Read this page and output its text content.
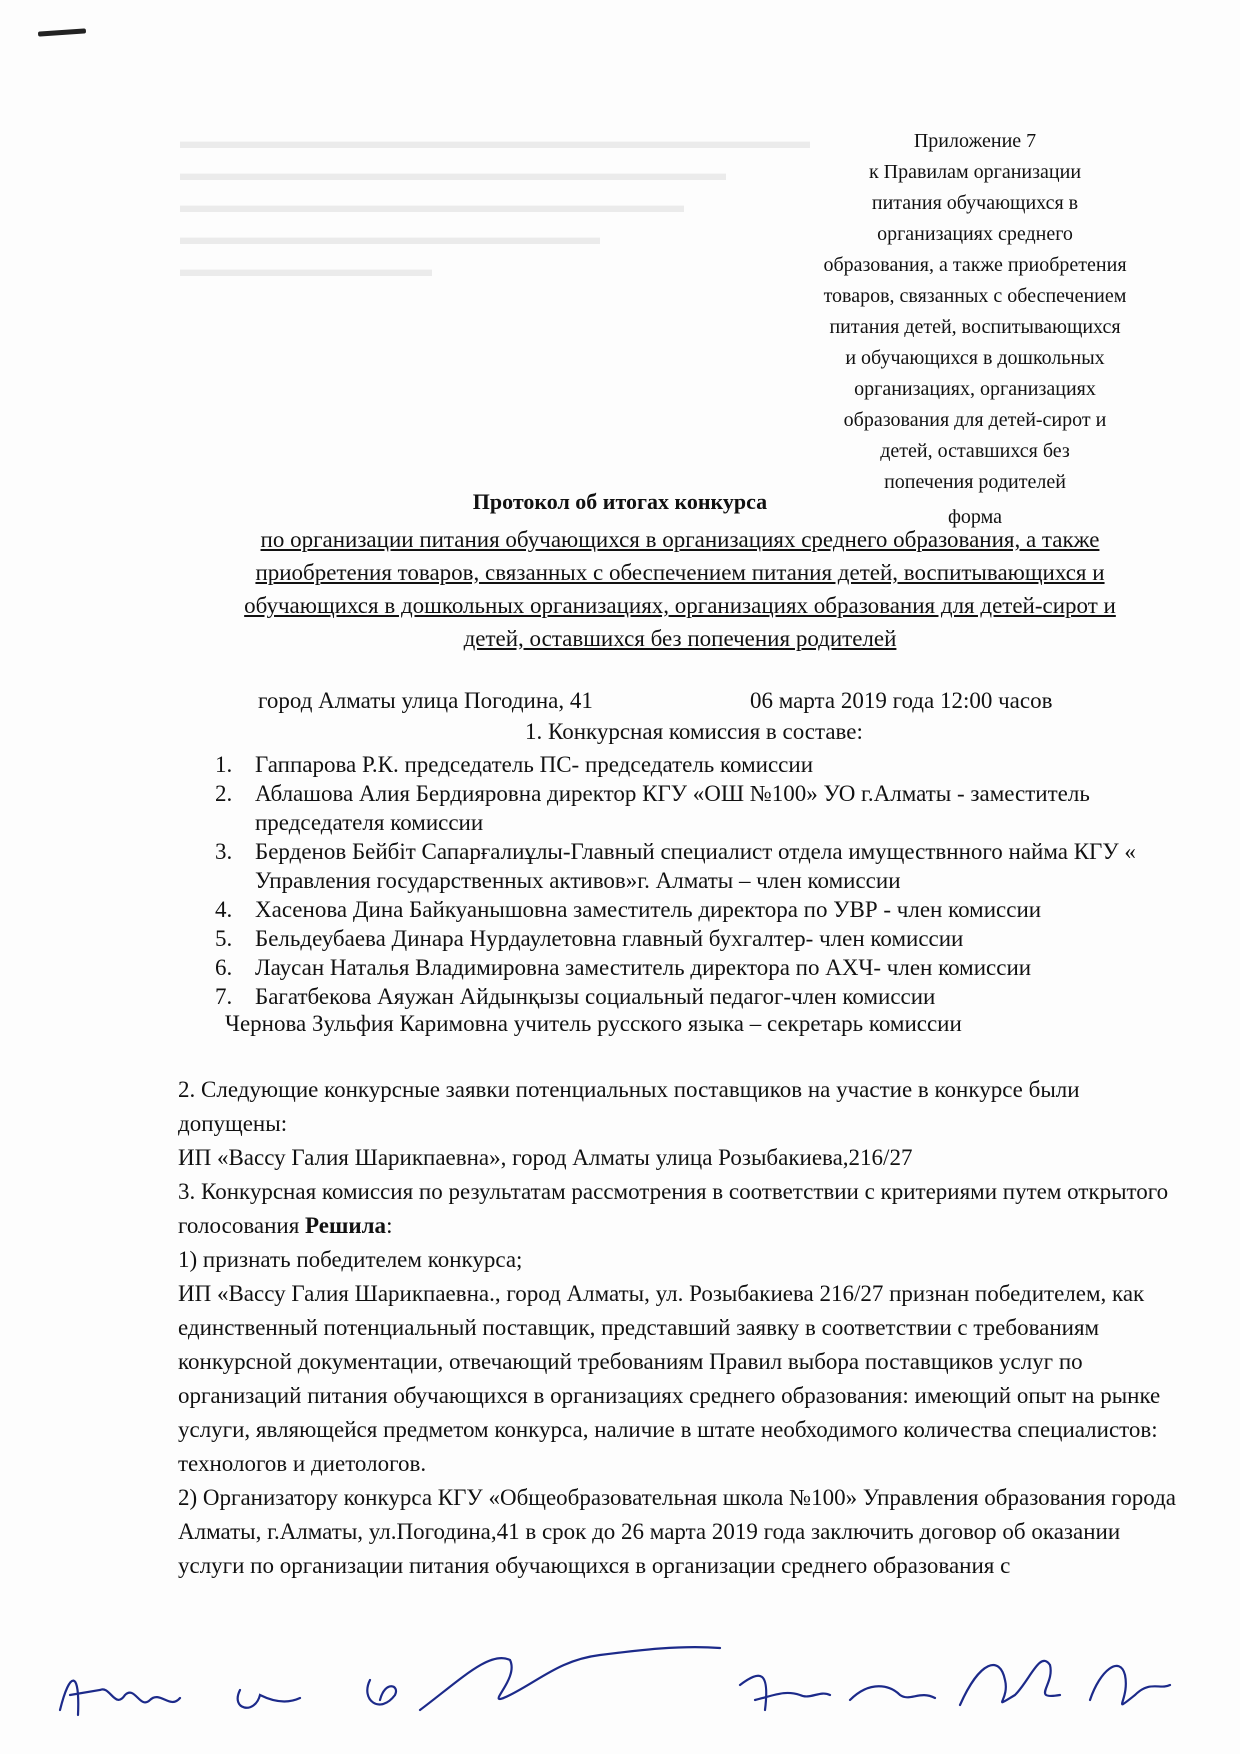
▬▬▬▬▬▬▬▬▬▬▬▬▬▬▬▬▬▬▬▬▬▬▬▬▬▬▬▬▬▬
▬▬▬▬▬▬▬▬▬▬▬▬▬▬▬▬▬▬▬▬▬▬▬▬▬▬
▬▬▬▬▬▬▬▬▬▬▬▬▬▬▬▬▬▬▬▬▬▬▬▬
▬▬▬▬▬▬▬▬▬▬▬▬▬▬▬▬▬▬▬▬
▬▬▬▬▬▬▬▬▬▬▬▬
Приложение 7
к Правилам организации
питания обучающихся в
организациях среднего
образования, а также приобретения
товаров, связанных с обеспечением
питания детей, воспитывающихся
и обучающихся в дошкольных
организациях, организациях
образования для детей-сирот и
детей, оставшихся без
попечения родителей
форма
Протокол об итогах конкурса
по организации питания обучающихся в организациях среднего образования, а также
приобретения товаров, связанных с обеспечением питания детей, воспитывающихся и
обучающихся в дошкольных организациях, организациях образования для детей-сирот и
детей, оставшихся без попечения родителей
город Алматы улица Погодина, 41	06 марта 2019 года 12:00 часов
1. Конкурсная комиссия в составе:
1. Гаппарова Р.К. председатель ПС- председатель комиссии
2. Аблашова Алия Бердияровна директор КГУ «ОШ №100» УО г.Алматы - заместитель председателя комиссии
3. Берденов Бейбіт Сапарғалиұлы-Главный специалист отдела имуществнного найма КГУ « Управления государственных активов»г. Алматы – член комиссии
4. Хасенова Дина Байкуанышовна заместитель директора по УВР - член комиссии
5. Бельдеубаева Динара Нурдаулетовна главный бухгалтер- член комиссии
6. Лаусан Наталья Владимировна заместитель директора по АХЧ- член комиссии
7. Багатбекова Аяужан Айдынқызы социальный педагог-член комиссии
Чернова Зульфия Каримовна учитель русского языка – секретарь комиссии

2. Следующие конкурсные заявки потенциальных поставщиков на участие в конкурсе были допущены:

ИП «Вассу Галия Шарикпаевна», город Алматы улица Розыбакиева,216/27

3. Конкурсная комиссия по результатам рассмотрения в соответствии с критериями путем открытого голосования Решила:

1) признать победителем конкурса;

ИП «Вассу Галия Шарикпаевна., город Алматы, ул. Розыбакиева 216/27 признан победителем, как единственный потенциальный поставщик, представший заявку в соответствии с требованиям конкурсной документации, отвечающий требованиям Правил выбора поставщиков услуг по организаций питания обучающихся в организациях среднего образования: имеющий опыт на рынке услуги, являющейся предметом конкурса, наличие в штате необходимого количества специалистов: технологов и диетологов.

2) Организатору конкурса КГУ «Общеобразовательная школа №100» Управления образования города Алматы, г.Алматы, ул.Погодина,41 в срок до 26 марта 2019 года заключить договор об оказании услуги по организации питания обучающихся в организации среднего образования с
